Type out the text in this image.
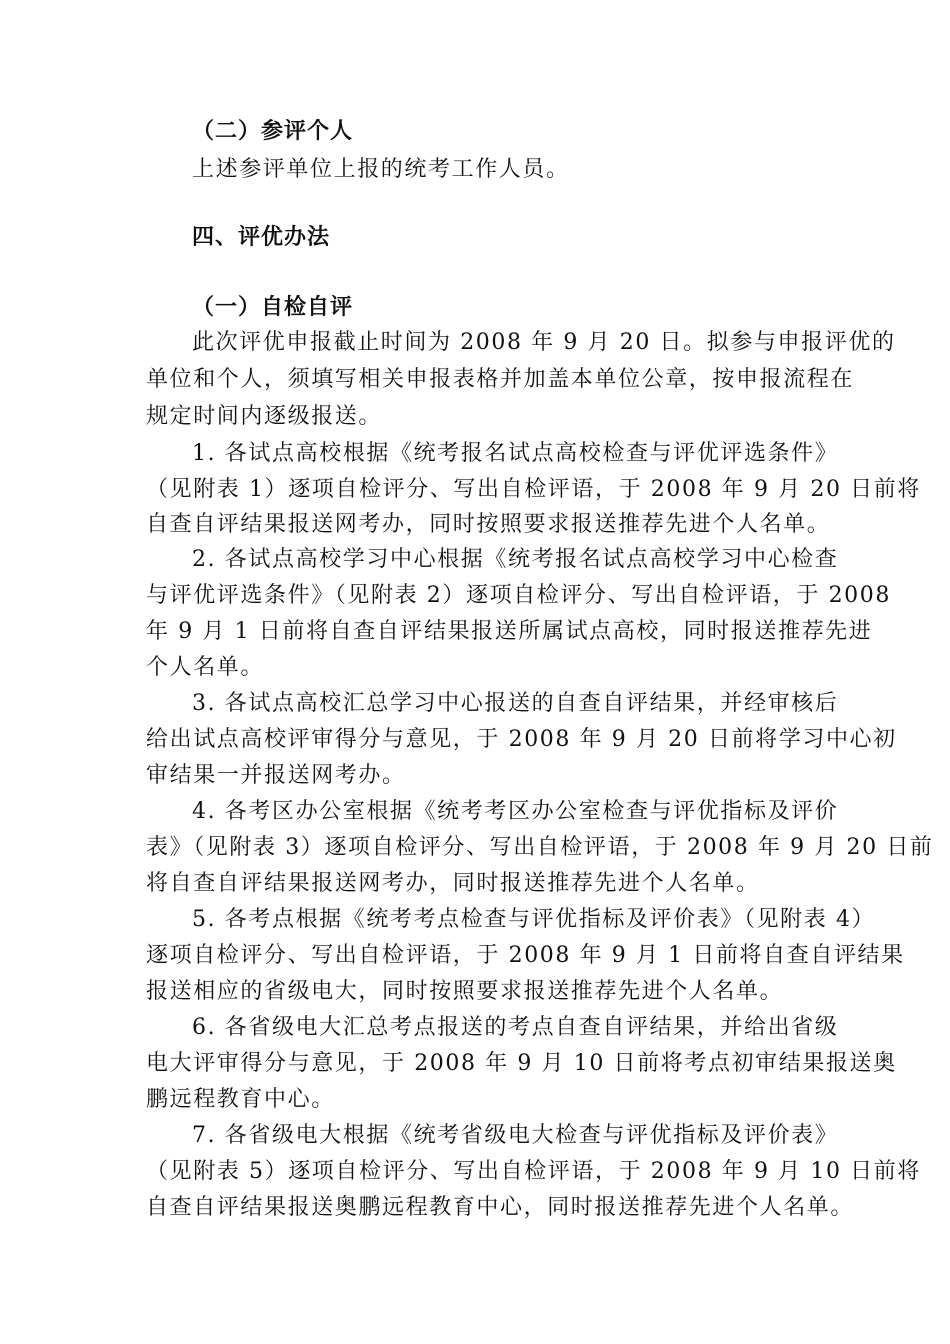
（二）参评个人
上述参评单位上报的统考工作人员。
四、评优办法
（一）自检自评
此次评优申报截止时间为 2008 年 9 月 20 日。拟参与申报评优的
单位和个人，须填写相关申报表格并加盖本单位公章，按申报流程在
规定时间内逐级报送。
1. 各试点高校根据《统考报名试点高校检查与评优评选条件》
（见附表 1）逐项自检评分、写出自检评语，于 2008 年 9 月 20 日前将
自查自评结果报送网考办，同时按照要求报送推荐先进个人名单。
2. 各试点高校学习中心根据《统考报名试点高校学习中心检查
与评优评选条件》（见附表 2）逐项自检评分、写出自检评语，于 2008
年 9 月 1 日前将自查自评结果报送所属试点高校，同时报送推荐先进
个人名单。
3. 各试点高校汇总学习中心报送的自查自评结果，并经审核后
给出试点高校评审得分与意见，于 2008 年 9 月 20 日前将学习中心初
审结果一并报送网考办。
4. 各考区办公室根据《统考考区办公室检查与评优指标及评价
表》（见附表 3）逐项自检评分、写出自检评语，于 2008 年 9 月 20 日前
将自查自评结果报送网考办，同时报送推荐先进个人名单。
5. 各考点根据《统考考点检查与评优指标及评价表》（见附表 4）
逐项自检评分、写出自检评语，于 2008 年 9 月 1 日前将自查自评结果
报送相应的省级电大，同时按照要求报送推荐先进个人名单。
6. 各省级电大汇总考点报送的考点自查自评结果，并给出省级
电大评审得分与意见，于 2008 年 9 月 10 日前将考点初审结果报送奥
鹏远程教育中心。
7. 各省级电大根据《统考省级电大检查与评优指标及评价表》
（见附表 5）逐项自检评分、写出自检评语，于 2008 年 9 月 10 日前将
自查自评结果报送奥鹏远程教育中心，同时报送推荐先进个人名单。
